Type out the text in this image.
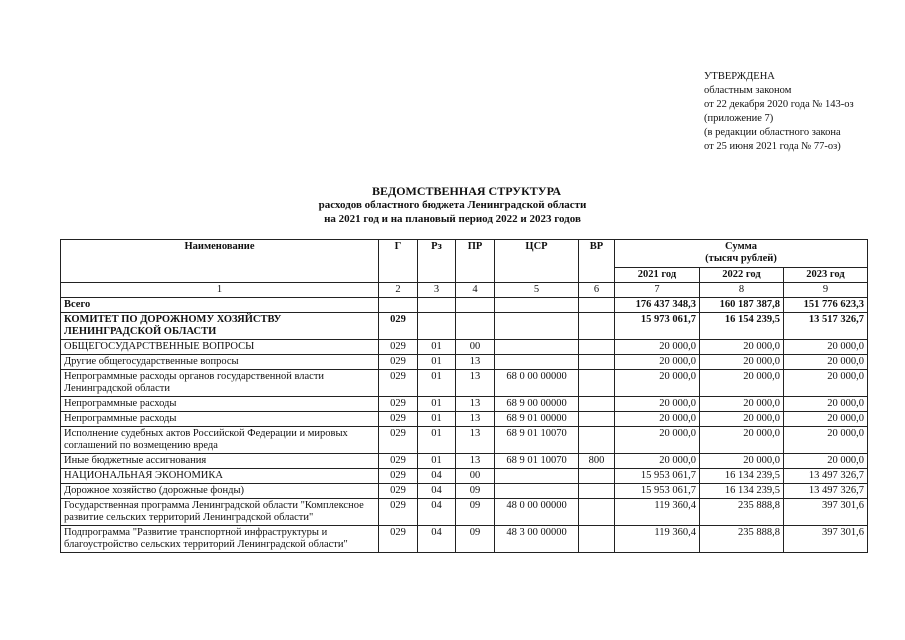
УТВЕРЖДЕНА
областным законом
от 22 декабря 2020 года № 143-оз
(приложение 7)
(в редакции областного закона
от 25 июня 2021 года № 77-оз)
ВЕДОМСТВЕННАЯ СТРУКТУРА
расходов областного бюджета Ленинградской области
на 2021 год и на плановый период 2022 и 2023 годов
Наименование	Г	Рз	ПР	ЦСР	ВР	Сумма
(тысяч рублей)		

						2021 год	2022 год	2023 год
1	2	3	4	5	6	7	8	9
Всего						176 437 348,3	160 187 387,8	151 776 623,3
КОМИТЕТ ПО ДОРОЖНОМУ ХОЗЯЙСТВУ ЛЕНИНГРАДСКОЙ ОБЛАСТИ	029					15 973 061,7	16 154 239,5	13 517 326,7
ОБЩЕГОСУДАРСТВЕННЫЕ ВОПРОСЫ	029	01	00			20 000,0	20 000,0	20 000,0
Другие общегосударственные вопросы	029	01	13			20 000,0	20 000,0	20 000,0
Непрограммные расходы органов государственной власти Ленинградской области	029	01	13	68 0 00 00000		20 000,0	20 000,0	20 000,0
Непрограммные расходы	029	01	13	68 9 00 00000		20 000,0	20 000,0	20 000,0
Непрограммные расходы	029	01	13	68 9 01 00000		20 000,0	20 000,0	20 000,0
Исполнение судебных актов Российской Федерации и мировых соглашений по возмещению вреда	029	01	13	68 9 01 10070		20 000,0	20 000,0	20 000,0
Иные бюджетные ассигнования	029	01	13	68 9 01 10070	800	20 000,0	20 000,0	20 000,0
НАЦИОНАЛЬНАЯ ЭКОНОМИКА	029	04	00			15 953 061,7	16 134 239,5	13 497 326,7
Дорожное хозяйство (дорожные фонды)	029	04	09			15 953 061,7	16 134 239,5	13 497 326,7
Государственная программа Ленинградской области "Комплексное развитие сельских территорий Ленинградской области"	029	04	09	48 0 00 00000		119 360,4	235 888,8	397 301,6
Подпрограмма "Развитие транспортной инфраструктуры и благоустройство сельских территорий Ленинградской области"	029	04	09	48 3 00 00000		119 360,4	235 888,8	397 301,6
